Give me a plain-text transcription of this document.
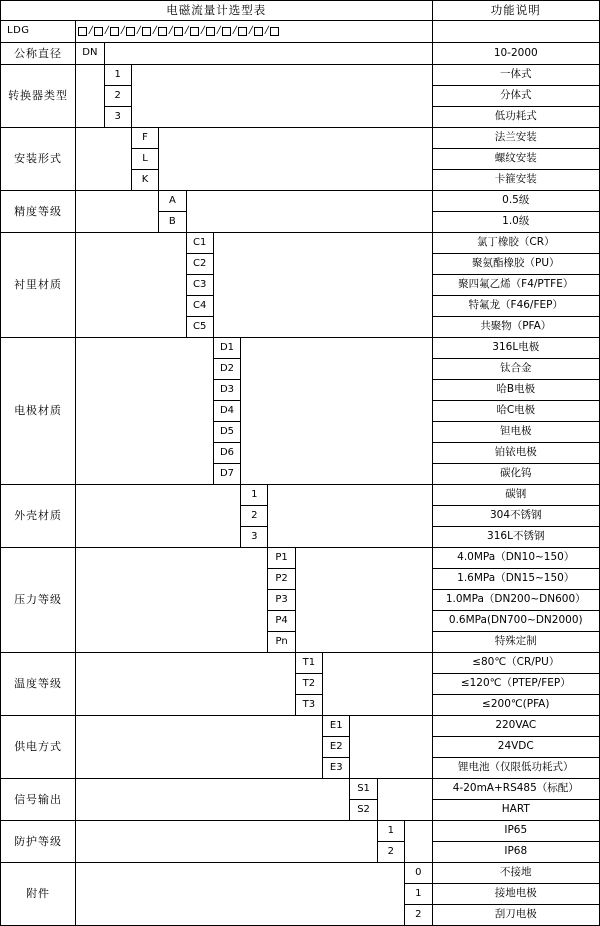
电磁流量计选型表														功能说明
LDG	/ / / / / / / / / / / /

公称直径	DN													10-2000
转换器类型		1												一体式
		2												分体式
		3												低功耗式
安装形式			F											法兰安装
			L											螺纹安装
			K											卡箍安装
精度等级				A										0.5级
				B										1.0级
衬里材质					C1									氯丁橡胶（CR）
					C2									聚氨酯橡胶（PU）
					C3									聚四氟乙烯（F4/PTFE）
					C4									特氟龙（F46/FEP）
					C5									共聚物（PFA）
电极材质						D1								316L电极
						D2								钛合金
						D3								哈B电极
						D4								哈C电极
						D5								钽电极
						D6								铂铱电极
						D7								碳化钨
外壳材质							1							碳钢
							2							304不锈钢
							3							316L不锈钢
压力等级								P1						4.0MPa（DN10~150）
								P2						1.6MPa（DN15~150）
								P3						1.0MPa（DN200~DN600）
								P4						0.6MPa(DN700~DN2000)
								Pn						特殊定制
温度等级									T1					≤80℃（CR/PU）
									T2					≤120℃（PTEP/FEP）
									T3					≤200℃(PFA)
供电方式										E1				220VAC
										E2				24VDC
										E3				锂电池（仅限低功耗式）
信号输出											S1			4-20mA+RS485（标配）
											S2			HART
防护等级												1		IP65
												2		IP68
附件													0	不接地
													1	接地电极
													2	刮刀电极
